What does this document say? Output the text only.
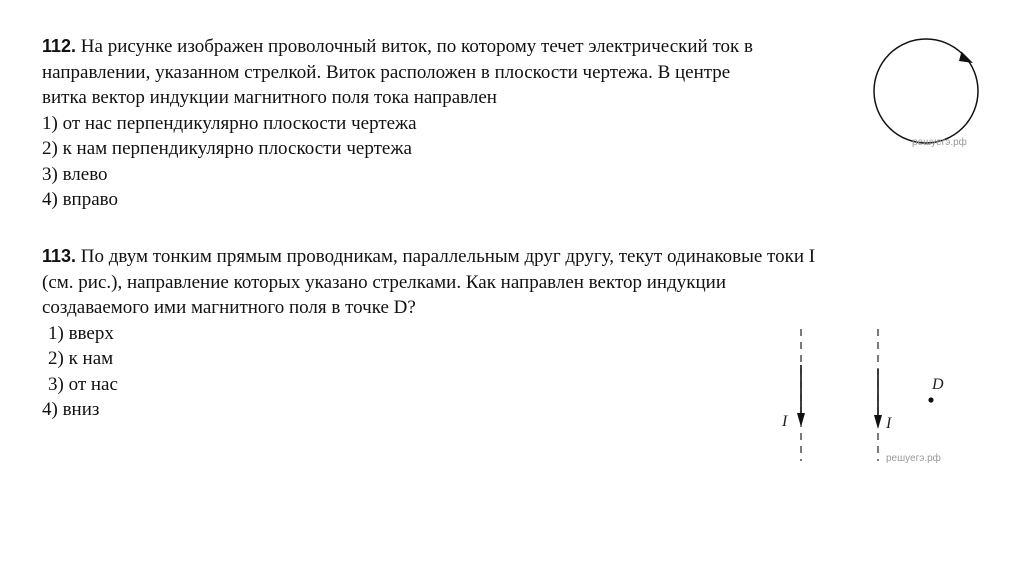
112. На рисунке изображен проволочный виток, по которому течет электрический ток в
направлении, указанном стрелкой. Виток расположен в плоскости чертежа. В центре
витка вектор индукции магнитного поля тока направлен
1) от нас перпендикулярно плоскости чертежа
2) к нам перпендикулярно плоскости чертежа
3) влево
4) вправо
решуегэ.рф
113. По двум тонким прямым проводникам, параллельным друг другу, текут одинаковые токи I
(см. рис.), направление которых указано стрелками. Как направлен вектор индукции
создаваемого ими магнитного поля в точке D?
1) вверх
2) к нам
3) от нас
4) вниз
I	I
D
решуегэ.рф
